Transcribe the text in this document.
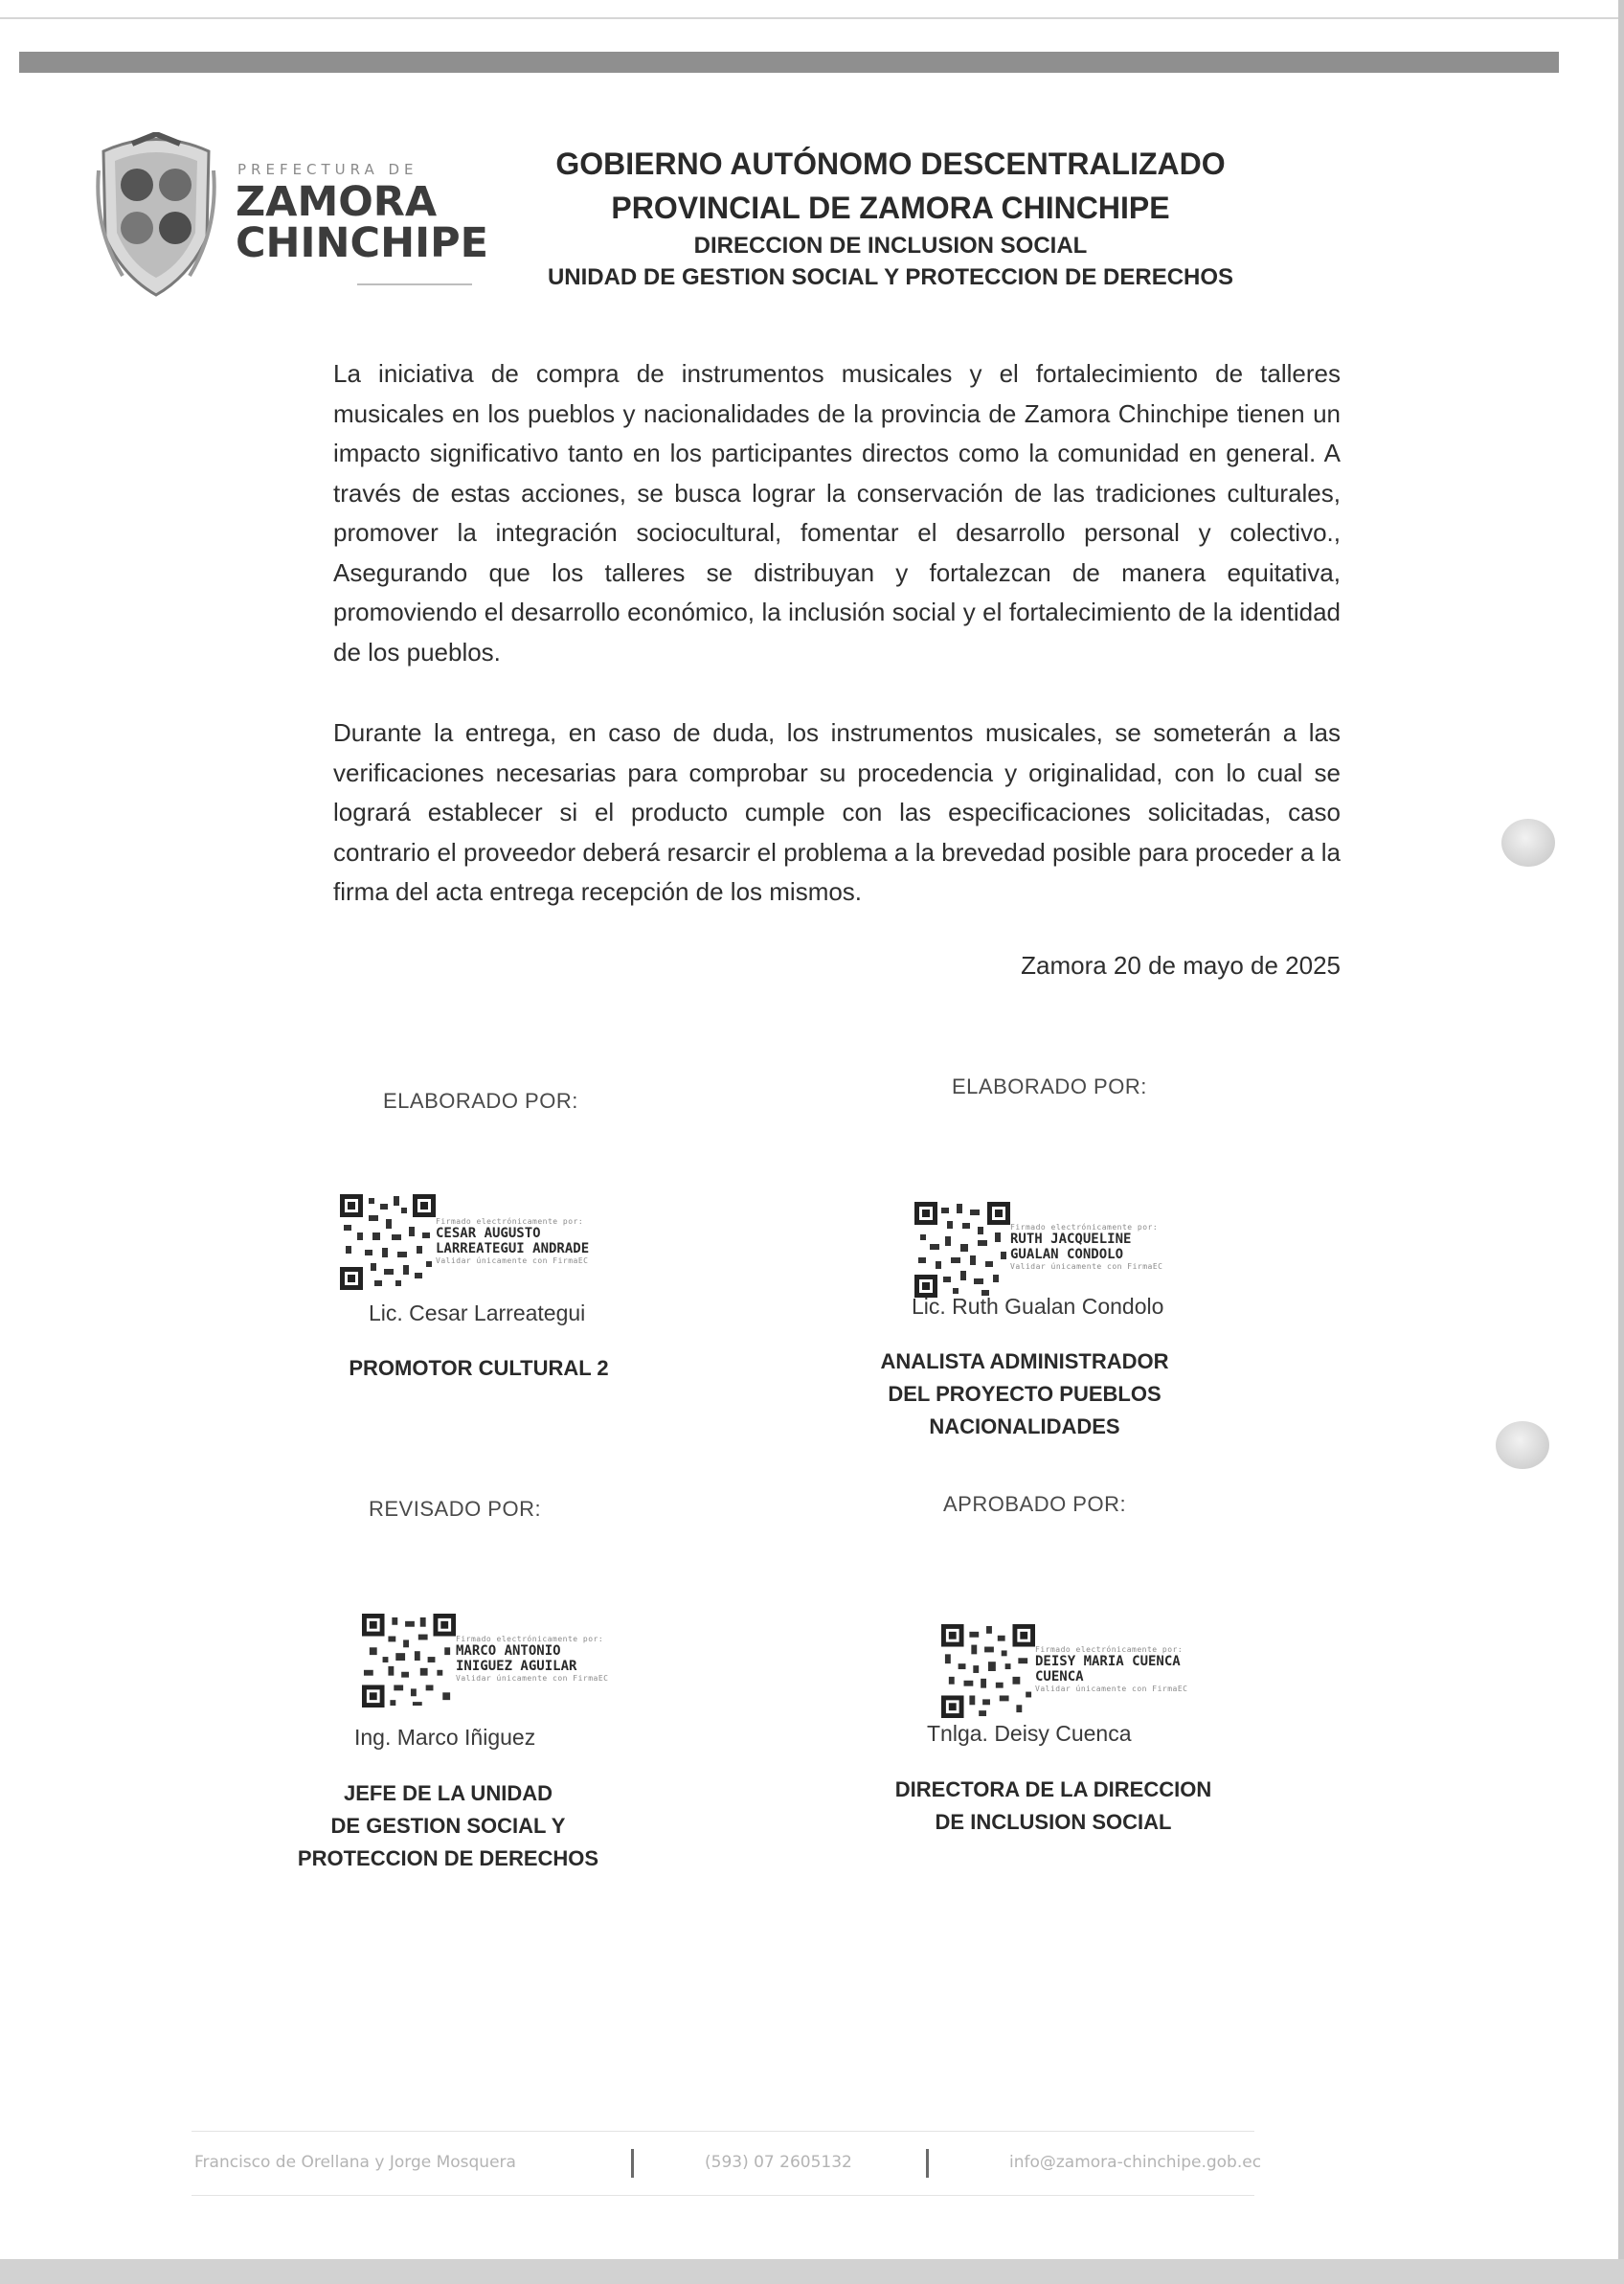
PREFECTURA DE
ZAMORA
CHINCHIPE
GOBIERNO AUTÓNOMO DESCENTRALIZADO
PROVINCIAL DE ZAMORA CHINCHIPE
DIRECCION DE INCLUSION SOCIAL
UNIDAD DE GESTION SOCIAL Y PROTECCION DE DERECHOS

La iniciativa de compra de instrumentos musicales y el fortalecimiento de talleres musicales en los pueblos y nacionalidades de la provincia de Zamora Chinchipe tienen un impacto significativo tanto en los participantes directos como la comunidad en general. A través de estas acciones, se busca lograr la conservación de las tradiciones culturales, promover la integración sociocultural, fomentar el desarrollo personal y colectivo., Asegurando que los talleres se distribuyan y fortalezcan de manera equitativa, promoviendo el desarrollo económico, la inclusión social y el fortalecimiento de la identidad de los pueblos.

Durante la entrega, en caso de duda, los instrumentos musicales, se someterán a las verificaciones necesarias para comprobar su procedencia y originalidad, con lo cual se logrará establecer si el producto cumple con las especificaciones solicitadas, caso contrario el proveedor deberá resarcir el problema a la brevedad posible para proceder a la firma del acta entrega recepción de los mismos.

Zamora 20 de mayo de 2025
ELABORADO POR:
Firmado electrónicamente por:
CESAR AUGUSTO
LARREATEGUI ANDRADE
Validar únicamente con FirmaEC
Lic. Cesar Larreategui
PROMOTOR CULTURAL 2
ELABORADO POR:
Firmado electrónicamente por:
RUTH JACQUELINE
GUALAN CONDOLO
Validar únicamente con FirmaEC
Lic. Ruth Gualan Condolo
ANALISTA ADMINISTRADOR
DEL PROYECTO PUEBLOS
NACIONALIDADES
REVISADO POR:
Firmado electrónicamente por:
MARCO ANTONIO
INIGUEZ AGUILAR
Validar únicamente con FirmaEC
Ing. Marco Iñiguez
JEFE DE LA UNIDAD
DE GESTION SOCIAL Y
PROTECCION DE DERECHOS
APROBADO POR:
Firmado electrónicamente por:
DEISY MARIA CUENCA
CUENCA
Validar únicamente con FirmaEC
Tnlga. Deisy Cuenca
DIRECTORA DE LA DIRECCION
DE INCLUSION SOCIAL
Francisco de Orellana y Jorge Mosquera	(593) 07 2605132	info@zamora-chinchipe.gob.ec
